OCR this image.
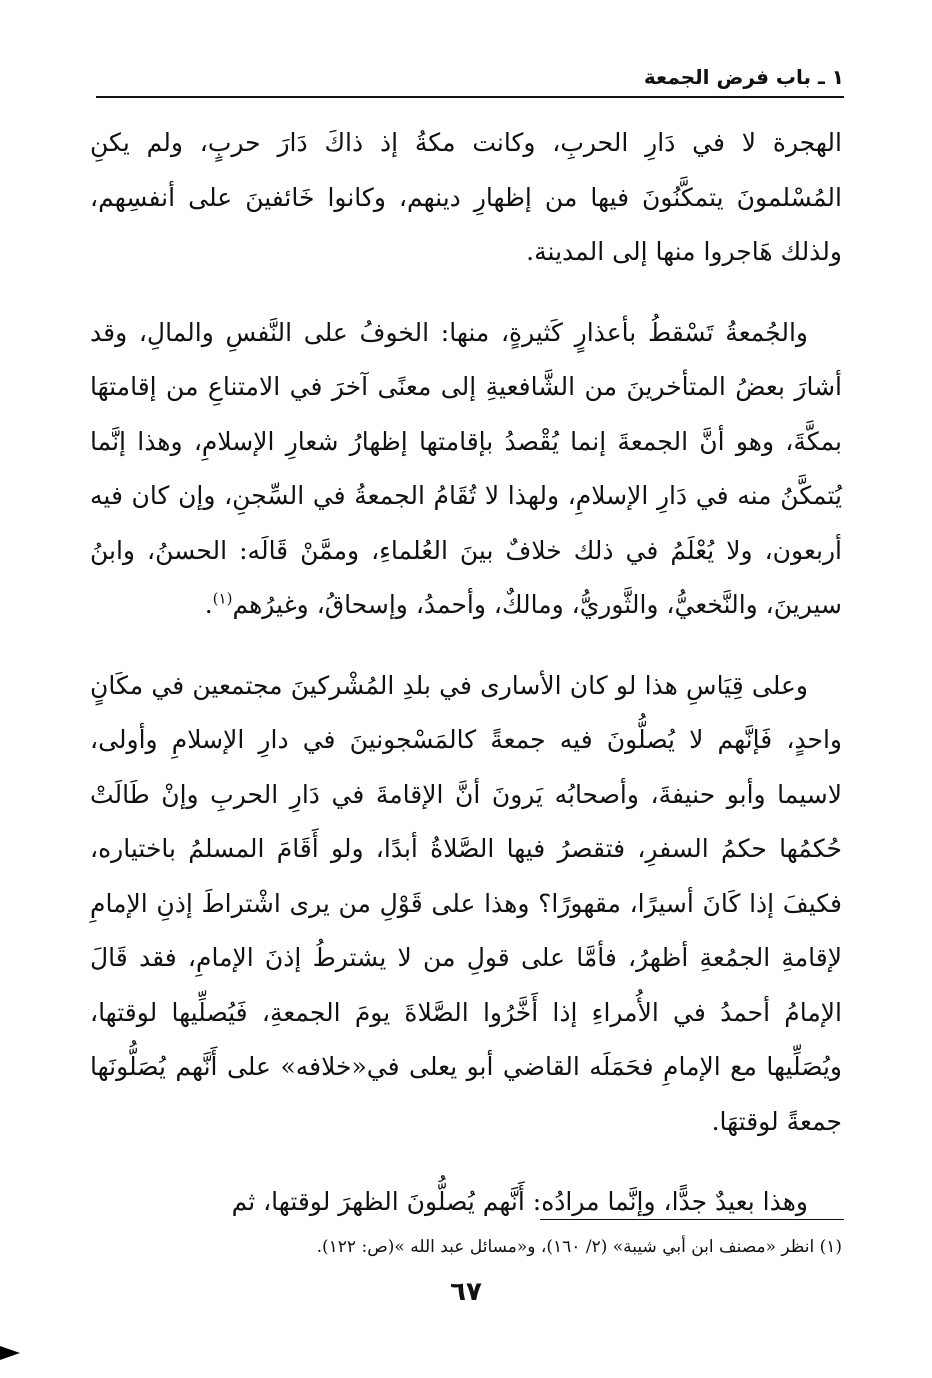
١ ـ باب فرض الجمعة

الهجرة لا في دَارِ الحربِ، وكانت مكةُ إذ ذاكَ دَارَ حربٍ، ولم يكنِ المُسْلمونَ يتمكَّنُونَ فيها من إظهارِ دينهم، وكانوا خَائفينَ على أنفسِهم، ولذلك هَاجروا منها إلى المدينة.

والجُمعةُ تَسْقطُ بأعذارٍ كَثيرةٍ، منها: الخوفُ على النَّفسِ والمالِ، وقد أشارَ بعضُ المتأخرينَ من الشَّافعيةِ إلى معنًى آخرَ في الامتناعِ من إقامتهَا بمكَّةَ، وهو أنَّ الجمعةَ إنما يُقْصدُ بإقامتها إظهارُ شعارِ الإسلامِ، وهذا إنَّما يُتمكَّنُ منه في دَارِ الإسلامِ، ولهذا لا تُقَامُ الجمعةُ في السِّجنِ، وإن كان فيه أربعون، ولا يُعْلَمُ في ذلك خلافٌ بينَ العُلماءِ، وممَّنْ قَالَه: الحسنُ، وابنُ سيرينَ، والنَّخعيُّ، والثَّوريُّ، ومالكٌ، وأحمدُ، وإسحاقُ، وغيرُهم$^{(١)}$.

وعلى قِيَاسِ هذا لو كان الأسارى في بلدِ المُشْركينَ مجتمعين في مكَانٍ واحدٍ، فَإنَّهم لا يُصلُّونَ فيه جمعةً كالمَسْجونينَ في دارِ الإسلامِ وأولى، لاسيما وأبو حنيفةَ، وأصحابُه يَرونَ أنَّ الإقامةَ في دَارِ الحربِ وإنْ طَالَتْ حُكمُها حكمُ السفرِ، فتقصرُ فيها الصَّلاةُ أبدًا، ولو أَقَامَ المسلمُ باختياره، فكيفَ إذا كَانَ أسيرًا، مقهورًا؟ وهذا على قَوْلِ من يرى اشْتراطَ إذنِ الإمامِ لإقامةِ الجمُعةِ أظهرُ، فأمَّا على قولِ من لا يشترطُ إذنَ الإمامِ، فقد قَالَ الإمامُ أحمدُ في الأُمراءِ إذا أَخَّرُوا الصَّلاةَ يومَ الجمعةِ، فَيُصلِّيها لوقتها، ويُصَلِّيها مع الإمامِ فحَمَلَه القاضي أبو يعلى في«خلافه» على أَنَّهم يُصَلُّونَها جمعةً لوقتهَا.

وهذا بعيدٌ جدًّا، وإنَّما مرادُه: أَنَّهم يُصلُّونَ الظهرَ لوقتها، ثم

(١) انظر «مصنف ابن أبي شيبة» (٢/ ١٦٠)، و«مسائل عبد الله »(ص: ١٢٢).
٦٧
